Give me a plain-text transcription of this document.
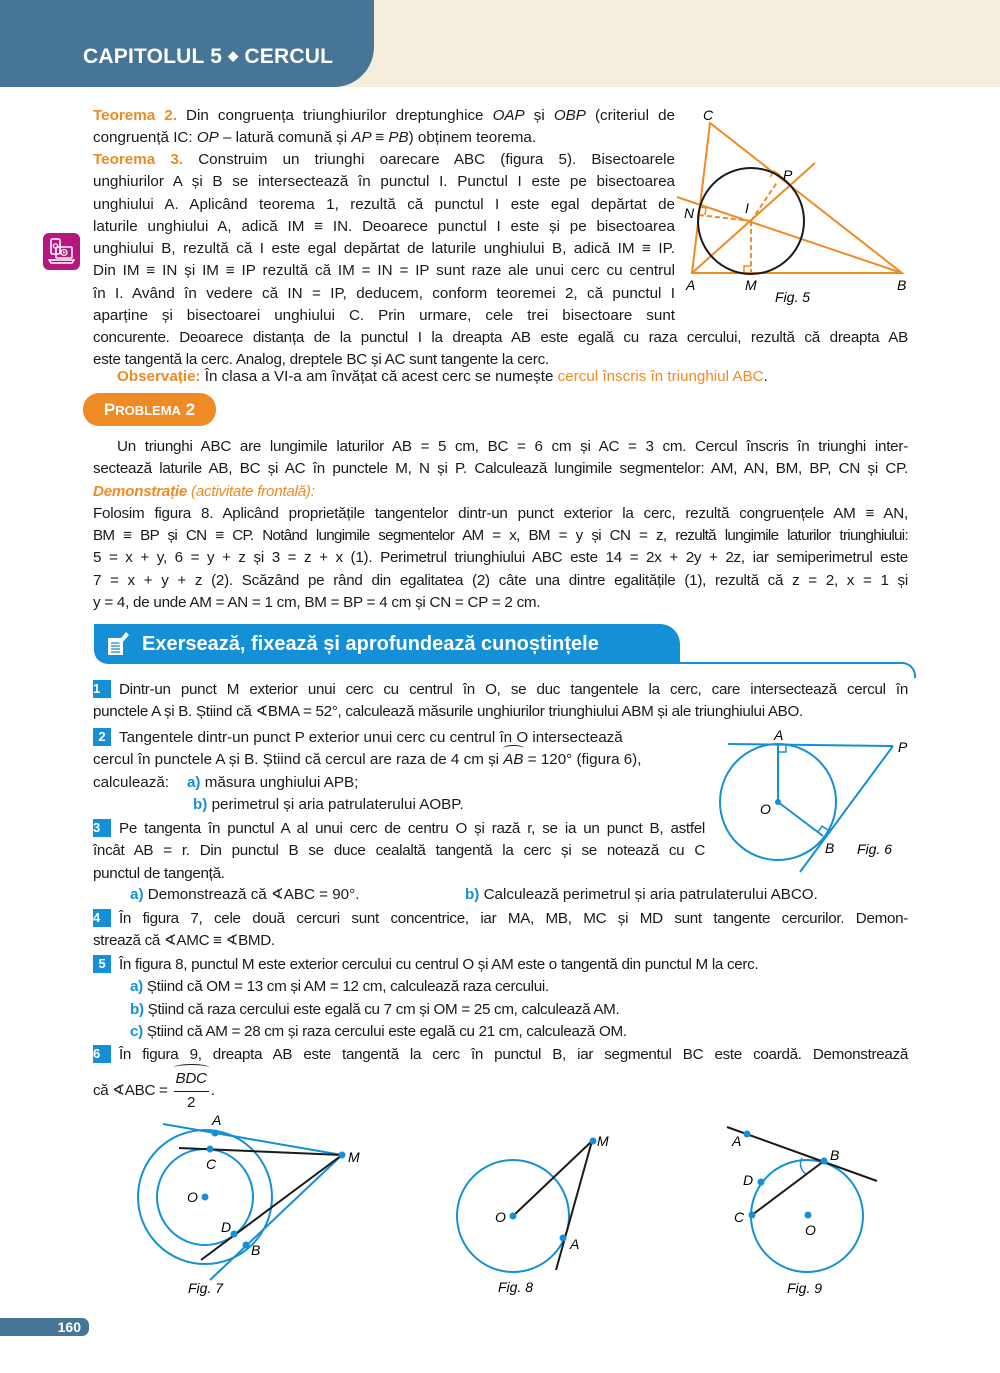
CAPITOLUL 5 ◆ CERCUL
Teorema 2. Din congruența triunghiurilor dreptunghice OAP și OBP (criteriul de congruență IC: OP – latură comună și AP ≡ PB) obținem teorema.
Teorema 3. Construim un triunghi oarecare ABC (figura 5). Bisectoarele
unghiurilor A și B se intersectează în punctul I. Punctul I este pe bisectoarea
unghiului A. Aplicând teorema 1, rezultă că punctul I este egal depărtat de
laturile unghiului A, adică IM ≡ IN. Deoarece punctul I este și pe bisectoarea
unghiului B, rezultă că I este egal depărtat de laturile unghiului B, adică IM ≡ IP.
Din IM ≡ IN și IM ≡ IP rezultă că IM = IN = IP sunt raze ale unui cerc cu centrul
în I. Având în vedere că IN = IP, deducem, conform teoremei 2, că punctul I
aparține și bisectoarei unghiului C. Prin urmare, cele trei bisectoare sunt
concurente. Deoarece distanța de la punctul I la dreapta AB este egală cu raza cercului, rezultă că dreapta AB
este tangentă la cerc. Analog, dreptele BC și AC sunt tangente la cerc.
Observație: În clasa a VI-a am învățat că acest cerc se numește cercul înscris în triunghiul ABC.
C
P
I
N
A	M	B
Fig. 5
PROBLEMA 2
Un triunghi ABC are lungimile laturilor AB = 5 cm, BC = 6 cm și AC = 3 cm. Cercul înscris în triunghi inter-
sectează laturile AB, BC și AC în punctele M, N și P. Calculează lungimile segmentelor: AM, AN, BM, BP, CN și CP.
Demonstrație (activitate frontală):
Folosim figura 8. Aplicând proprietățile tangentelor dintr-un punct exterior la cerc, rezultă congruențele AM ≡ AN,
BM ≡ BP și CN ≡ CP. Notând lungimile segmentelor AM = x, BM = y și CN = z, rezultă lungimile laturilor triunghiului:
5 = x + y, 6 = y + z și 3 = z + x (1). Perimetrul triunghiului ABC este 14 = 2x + 2y + 2z, iar semiperimetrul este
7 = x + y + z (2). Scăzând pe rând din egalitatea (2) câte una dintre egalitățile (1), rezultă că z = 2, x = 1 și
y = 4, de unde AM = AN = 1 cm, BM = BP = 4 cm și CN = CP = 2 cm.
Exersează, fixează și aprofundează cunoștințele
1 Dintr-un punct M exterior unui cerc cu centrul în O, se duc tangentele la cerc, care intersectează cercul în
punctele A și B. Știind că ∢BMA = 52°, calculează măsurile unghiurilor triunghiului ABM și ale triunghiului ABO.
2 Tangentele dintr-un punct P exterior unui cerc cu centrul în O intersectează
cercul în punctele A și B. Știind că cercul are raza de 4 cm și AB = 120° (figura 6),
calculează: a) măsura unghiului APB;
b) perimetrul și aria patrulaterului AOBP.
A
P
O
B Fig. 6
3 Pe tangenta în punctul A al unui cerc de centru O și rază r, se ia un punct B, astfel
încât AB = r. Din punctul B se duce cealaltă tangentă la cerc și se notează cu C
punctul de tangență.
a) Demonstrează că ∢ABC = 90°.	b) Calculează perimetrul și aria patrulaterului ABCO.
4 În figura 7, cele două cercuri sunt concentrice, iar MA, MB, MC și MD sunt tangente cercurilor. Demon-
strează că ∢AMC ≡ ∢BMD.
5 În figura 8, punctul M este exterior cercului cu centrul O și AM este o tangentă din punctul M la cerc.
a) Știind că OM = 13 cm și AM = 12 cm, calculează raza cercului.
b) Știind că raza cercului este egală cu 7 cm și OM = 25 cm, calculează AM.
c) Știind că AM = 28 cm și raza cercului este egală cu 21 cm, calculează OM.
6 În figura 9, dreapta AB este tangentă la cerc în punctul B, iar segmentul BC este coardă. Demonstrează
că ∢ABC = $\frac{\text{BDC}}{2}$ .
A
C	M
O
D
B
Fig. 7
M
O
A
Fig. 8
A
B
D
C
O
Fig. 9
160
